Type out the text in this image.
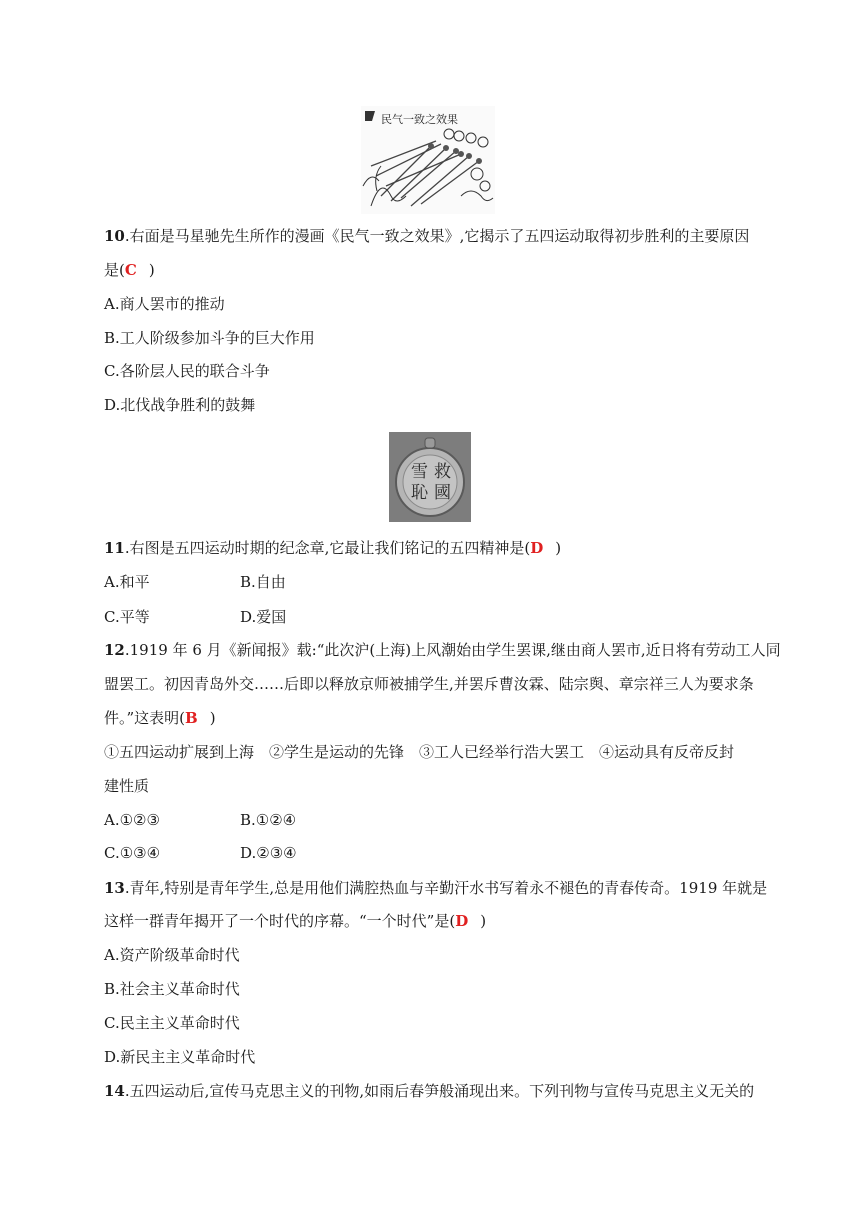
民气一致之效果
10.右面是马星驰先生所作的漫画《民气一致之效果》,它揭示了五四运动取得初步胜利的主要原因
是(C )
A.商人罢市的推动
B.工人阶级参加斗争的巨大作用
C.各阶层人民的联合斗争
D.北伐战争胜利的鼓舞
救
國
雪
恥
11.右图是五四运动时期的纪念章,它最让我们铭记的五四精神是(D )
A.和平	B.自由
C.平等	D.爱国
12.1919 年 6 月《新闻报》载:“此次沪(上海)上风潮始由学生罢课,继由商人罢市,近日将有劳动工人同
盟罢工。初因青岛外交……后即以释放京师被捕学生,并罢斥曹汝霖、陆宗舆、章宗祥三人为要求条
件。”这表明(B )
①五四运动扩展到上海　②学生是运动的先锋　③工人已经举行浩大罢工　④运动具有反帝反封
建性质
A.①②③	B.①②④
C.①③④	D.②③④
13.青年,特别是青年学生,总是用他们满腔热血与辛勤汗水书写着永不褪色的青春传奇。1919 年就是
这样一群青年揭开了一个时代的序幕。“一个时代”是(D )
A.资产阶级革命时代
B.社会主义革命时代
C.民主主义革命时代
D.新民主主义革命时代
14.五四运动后,宣传马克思主义的刊物,如雨后春笋般涌现出来。下列刊物与宣传马克思主义无关的
